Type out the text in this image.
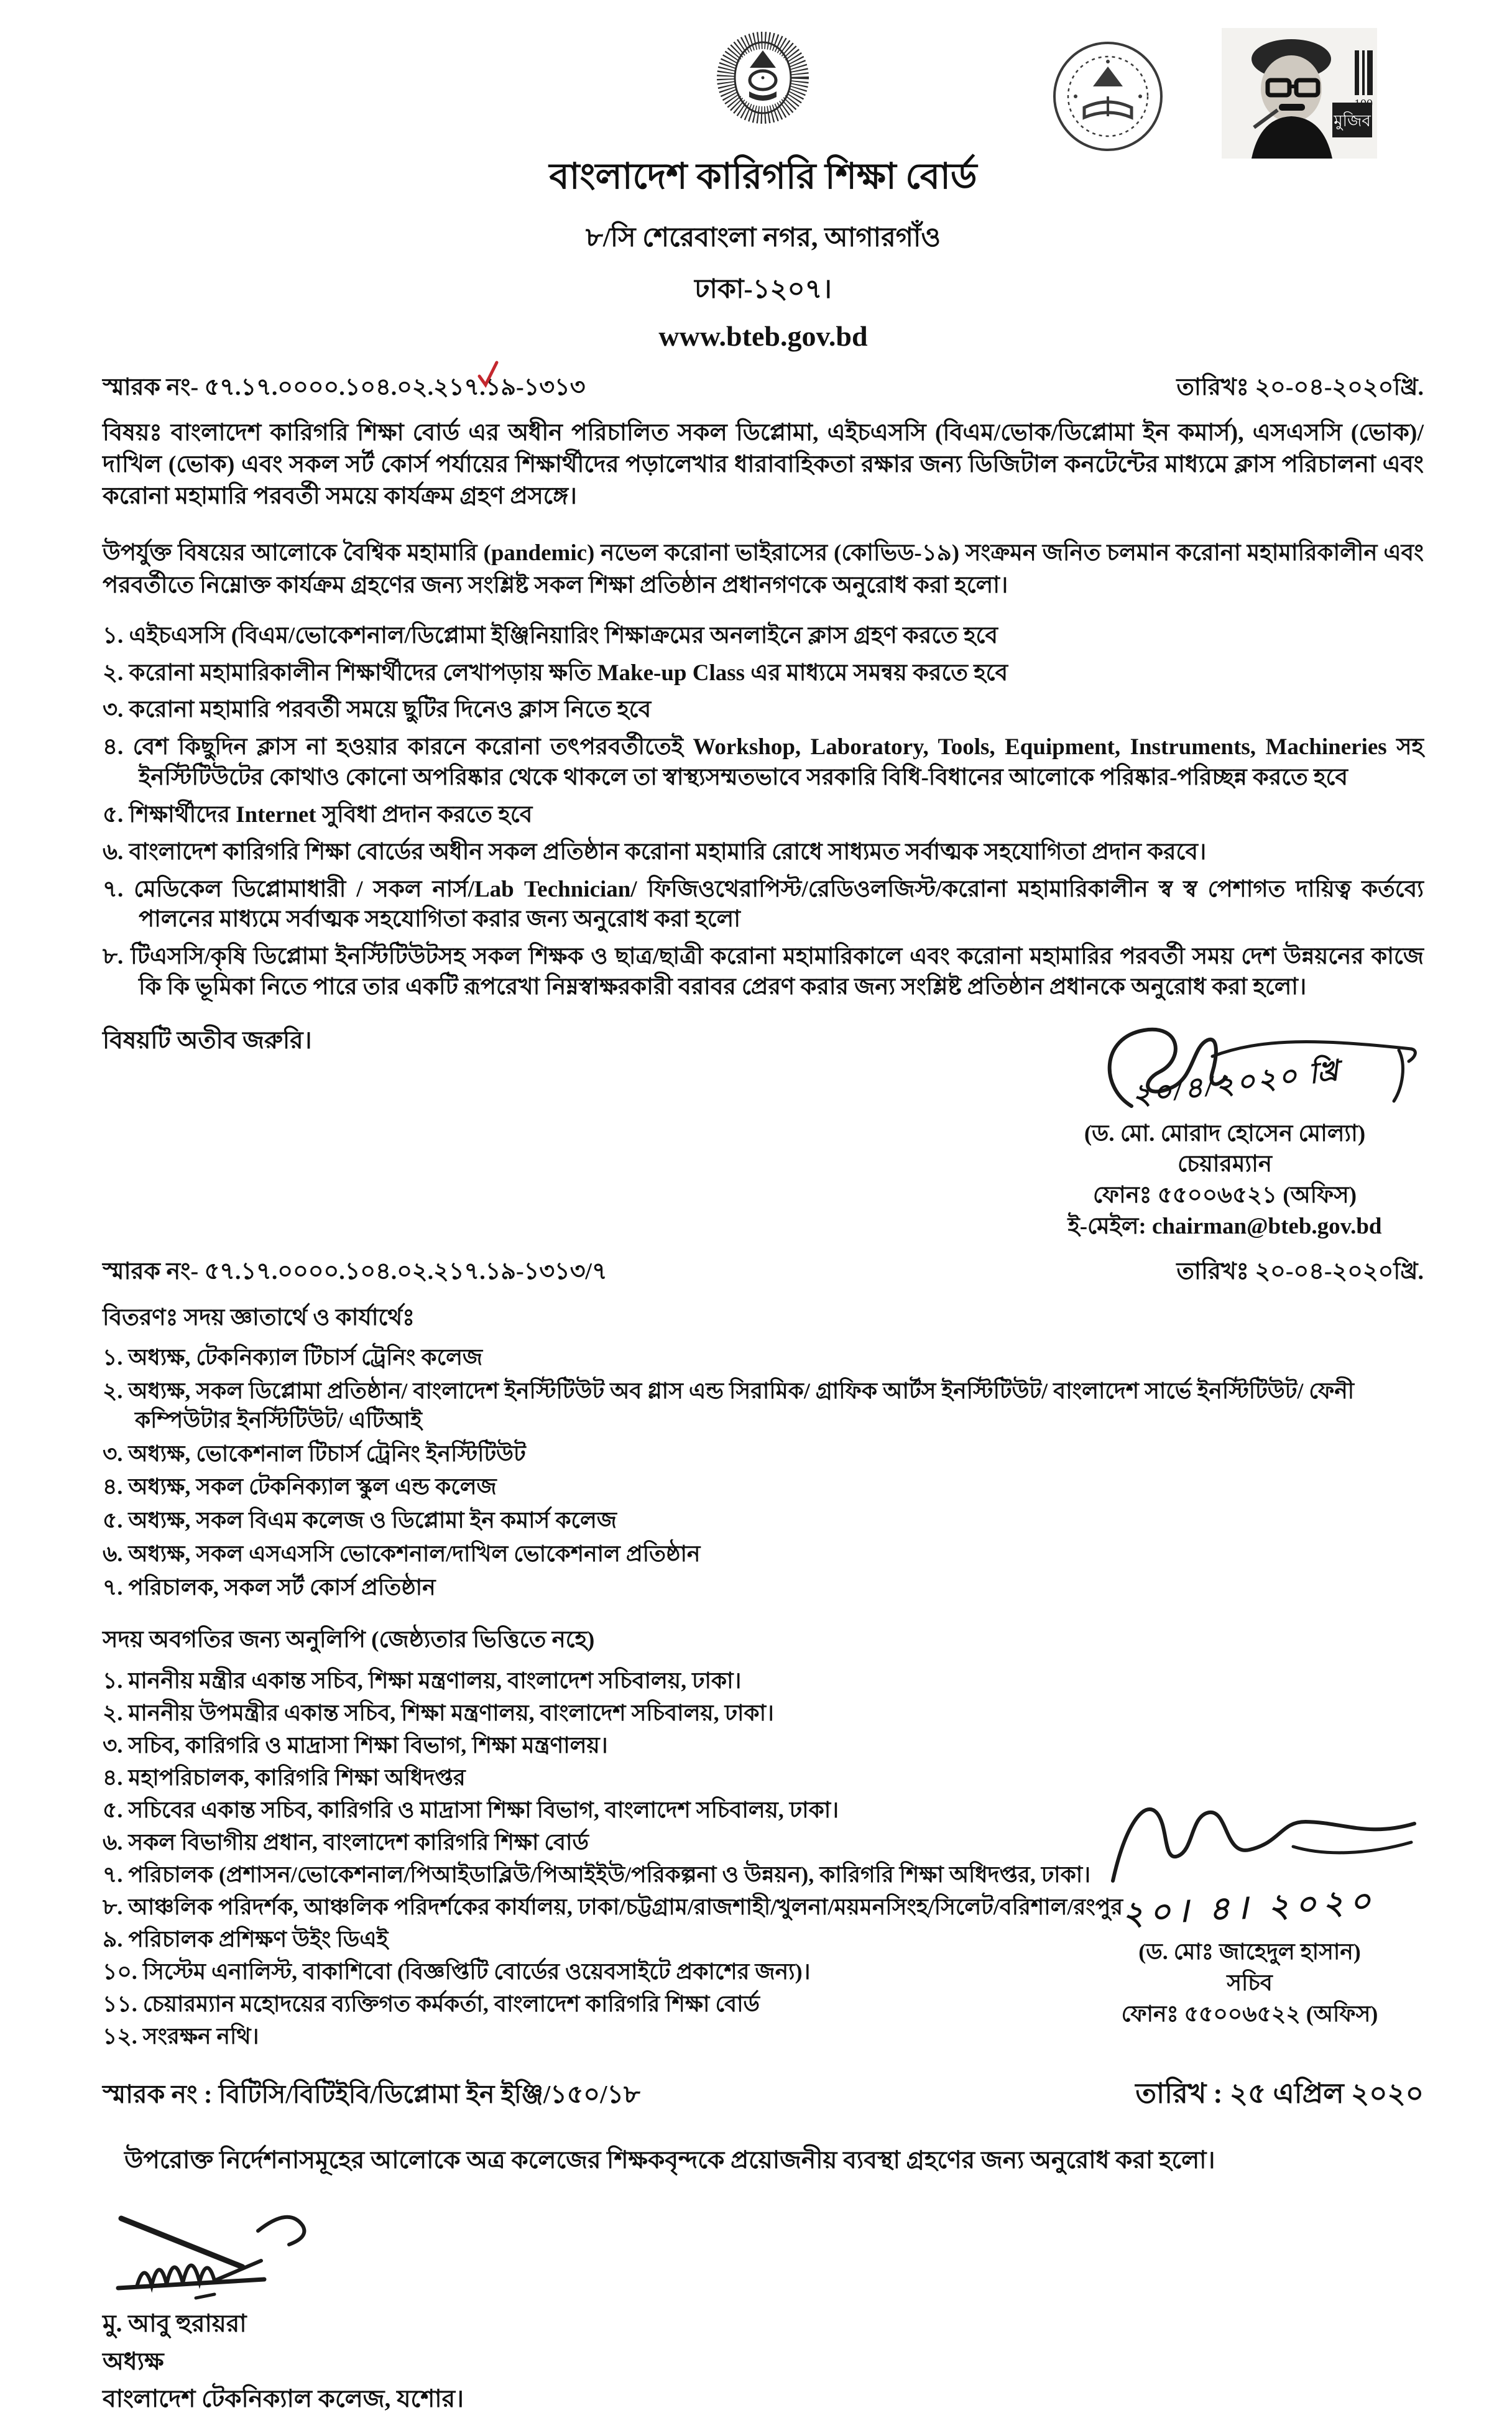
বাংলাদেশ কারিগরি শিক্ষা বোর্ড
৮/সি শেরেবাংলা নগর, আগারগাঁও
ঢাকা-১২০৭।
www.bteb.gov.bd
মুজিব
100
স্মারক নং- ৫৭.১৭.০০০০.১০৪.০২.২১৭.১৯-১৩১৩	তারিখঃ ২০-০৪-২০২০খ্রি.
বিষয়ঃ বাংলাদেশ কারিগরি শিক্ষা বোর্ড এর অধীন পরিচালিত সকল ডিপ্লোমা, এইচএসসি (বিএম/ভোক/ডিপ্লোমা ইন কমার্স), এসএসসি (ভোক)/দাখিল (ভোক) এবং সকল সর্ট কোর্স পর্যায়ের শিক্ষার্থীদের পড়ালেখার ধারাবাহিকতা রক্ষার জন্য ডিজিটাল কনটেন্টের মাধ্যমে ক্লাস পরিচালনা এবং করোনা মহামারি পরবর্তী সময়ে কার্যক্রম গ্রহণ প্রসঙ্গে।
উপর্যুক্ত বিষয়ের আলোকে বৈশ্বিক মহামারি (pandemic) নভেল করোনা ভাইরাসের (কোভিড-১৯) সংক্রমন জনিত চলমান করোনা মহামারিকালীন এবং পরবর্তীতে নিম্নোক্ত কার্যক্রম গ্রহণের জন্য সংশ্লিষ্ট সকল শিক্ষা প্রতিষ্ঠান প্রধানগণকে অনুরোধ করা হলো।
১. এইচএসসি (বিএম/ভোকেশনাল/ডিপ্লোমা ইঞ্জিনিয়ারিং শিক্ষাক্রমের অনলাইনে ক্লাস গ্রহণ করতে হবে
২. করোনা মহামারিকালীন শিক্ষার্থীদের লেখাপড়ায় ক্ষতি Make-up Class এর মাধ্যমে সমন্বয় করতে হবে
৩. করোনা মহামারি পরবর্তী সময়ে ছুটির দিনেও ক্লাস নিতে হবে
৪. বেশ কিছুদিন ক্লাস না হওয়ার কারনে করোনা তৎপরবর্তীতেই Workshop, Laboratory, Tools, Equipment, Instruments, Machineries সহ ইনস্টিটিউটের কোথাও কোনো অপরিষ্কার থেকে থাকলে তা স্বাস্থ্যসম্মতভাবে সরকারি বিধি-বিধানের আলোকে পরিষ্কার-পরিচ্ছন্ন করতে হবে
৫. শিক্ষার্থীদের Internet সুবিধা প্রদান করতে হবে
৬. বাংলাদেশ কারিগরি শিক্ষা বোর্ডের অধীন সকল প্রতিষ্ঠান করোনা মহামারি রোধে সাধ্যমত সর্বাত্মক সহযোগিতা প্রদান করবে।
৭. মেডিকেল ডিপ্লোমাধারী / সকল নার্স/Lab Technician/ ফিজিওথেরাপিস্ট/রেডিওলজিস্ট/করোনা মহামারিকালীন স্ব স্ব পেশাগত দায়িত্ব কর্তব্যে পালনের মাধ্যমে সর্বাত্মক সহযোগিতা করার জন্য অনুরোধ করা হলো
৮. টিএসসি/কৃষি ডিপ্লোমা ইনস্টিটিউটসহ সকল শিক্ষক ও ছাত্র/ছাত্রী করোনা মহামারিকালে এবং করোনা মহামারির পরবর্তী সময় দেশ উন্নয়নের কাজে কি কি ভূমিকা নিতে পারে তার একটি রূপরেখা নিম্নস্বাক্ষরকারী বরাবর প্রেরণ করার জন্য সংশ্লিষ্ট প্রতিষ্ঠান প্রধানকে অনুরোধ করা হলো।
বিষয়টি অতীব জরুরি।
২০/৪/২০২০ খ্রি
(ড. মো. মোরাদ হোসেন মোল্যা)
চেয়ারম্যান
ফোনঃ ৫৫০০৬৫২১ (অফিস)
ই-মেইল: chairman@bteb.gov.bd
স্মারক নং- ৫৭.১৭.০০০০.১০৪.০২.২১৭.১৯-১৩১৩/৭	তারিখঃ ২০-০৪-২০২০খ্রি.
বিতরণঃ সদয় জ্ঞাতার্থে ও কার্যার্থেঃ
১. অধ্যক্ষ, টেকনিক্যাল টিচার্স ট্রেনিং কলেজ
২. অধ্যক্ষ, সকল ডিপ্লোমা প্রতিষ্ঠান/ বাংলাদেশ ইনস্টিটিউট অব গ্লাস এন্ড সিরামিক/ গ্রাফিক আর্টস ইনস্টিটিউট/ বাংলাদেশ সার্ভে ইনস্টিটিউট/ ফেনী কম্পিউটার ইনস্টিটিউট/ এটিআই
৩. অধ্যক্ষ, ভোকেশনাল টিচার্স ট্রেনিং ইনস্টিটিউট
৪. অধ্যক্ষ, সকল টেকনিক্যাল স্কুল এন্ড কলেজ
৫. অধ্যক্ষ, সকল বিএম কলেজ ও ডিপ্লোমা ইন কমার্স কলেজ
৬. অধ্যক্ষ, সকল এসএসসি ভোকেশনাল/দাখিল ভোকেশনাল প্রতিষ্ঠান
৭. পরিচালক, সকল সর্ট কোর্স প্রতিষ্ঠান
সদয় অবগতির জন্য অনুলিপি (জেষ্ঠ্যতার ভিত্তিতে নহে)
১. মাননীয় মন্ত্রীর একান্ত সচিব, শিক্ষা মন্ত্রণালয়, বাংলাদেশ সচিবালয়, ঢাকা।
২. মাননীয় উপমন্ত্রীর একান্ত সচিব, শিক্ষা মন্ত্রণালয়, বাংলাদেশ সচিবালয়, ঢাকা।
৩. সচিব, কারিগরি ও মাদ্রাসা শিক্ষা বিভাগ, শিক্ষা মন্ত্রণালয়।
৪. মহাপরিচালক, কারিগরি শিক্ষা অধিদপ্তর
৫. সচিবের একান্ত সচিব, কারিগরি ও মাদ্রাসা শিক্ষা বিভাগ, বাংলাদেশ সচিবালয়, ঢাকা।
৬. সকল বিভাগীয় প্রধান, বাংলাদেশ কারিগরি শিক্ষা বোর্ড
৭. পরিচালক (প্রশাসন/ভোকেশনাল/পিআইডাব্লিউ/পিআইইউ/পরিকল্পনা ও উন্নয়ন), কারিগরি শিক্ষা অধিদপ্তর, ঢাকা।
৮. আঞ্চলিক পরিদর্শক, আঞ্চলিক পরিদর্শকের কার্যালয়, ঢাকা/চট্টগ্রাম/রাজশাহী/খুলনা/ময়মনসিংহ/সিলেট/বরিশাল/রংপুর
৯. পরিচালক প্রশিক্ষণ উইং ডিএই
১০. সিস্টেম এনালিস্ট, বাকাশিবো (বিজ্ঞপ্তিটি বোর্ডের ওয়েবসাইটে প্রকাশের জন্য)।
১১. চেয়ারম্যান মহোদয়ের ব্যক্তিগত কর্মকর্তা, বাংলাদেশ কারিগরি শিক্ষা বোর্ড
১২. সংরক্ষন নথি।
২০। ৪। ২০২০
(ড. মোঃ জাহেদুল হাসান)
সচিব
ফোনঃ ৫৫০০৬৫২২ (অফিস)
স্মারক নং : বিটিসি/বিটিইবি/ডিপ্লোমা ইন ইঞ্জি/১৫০/১৮	তারিখ : ২৫ এপ্রিল ২০২০
উপরোক্ত নির্দেশনাসমূহের আলোকে অত্র কলেজের শিক্ষকবৃন্দকে প্রয়োজনীয় ব্যবস্থা গ্রহণের জন্য অনুরোধ করা হলো।
মু. আবু হুরায়রা
অধ্যক্ষ
বাংলাদেশ টেকনিক্যাল কলেজ, যশোর।
